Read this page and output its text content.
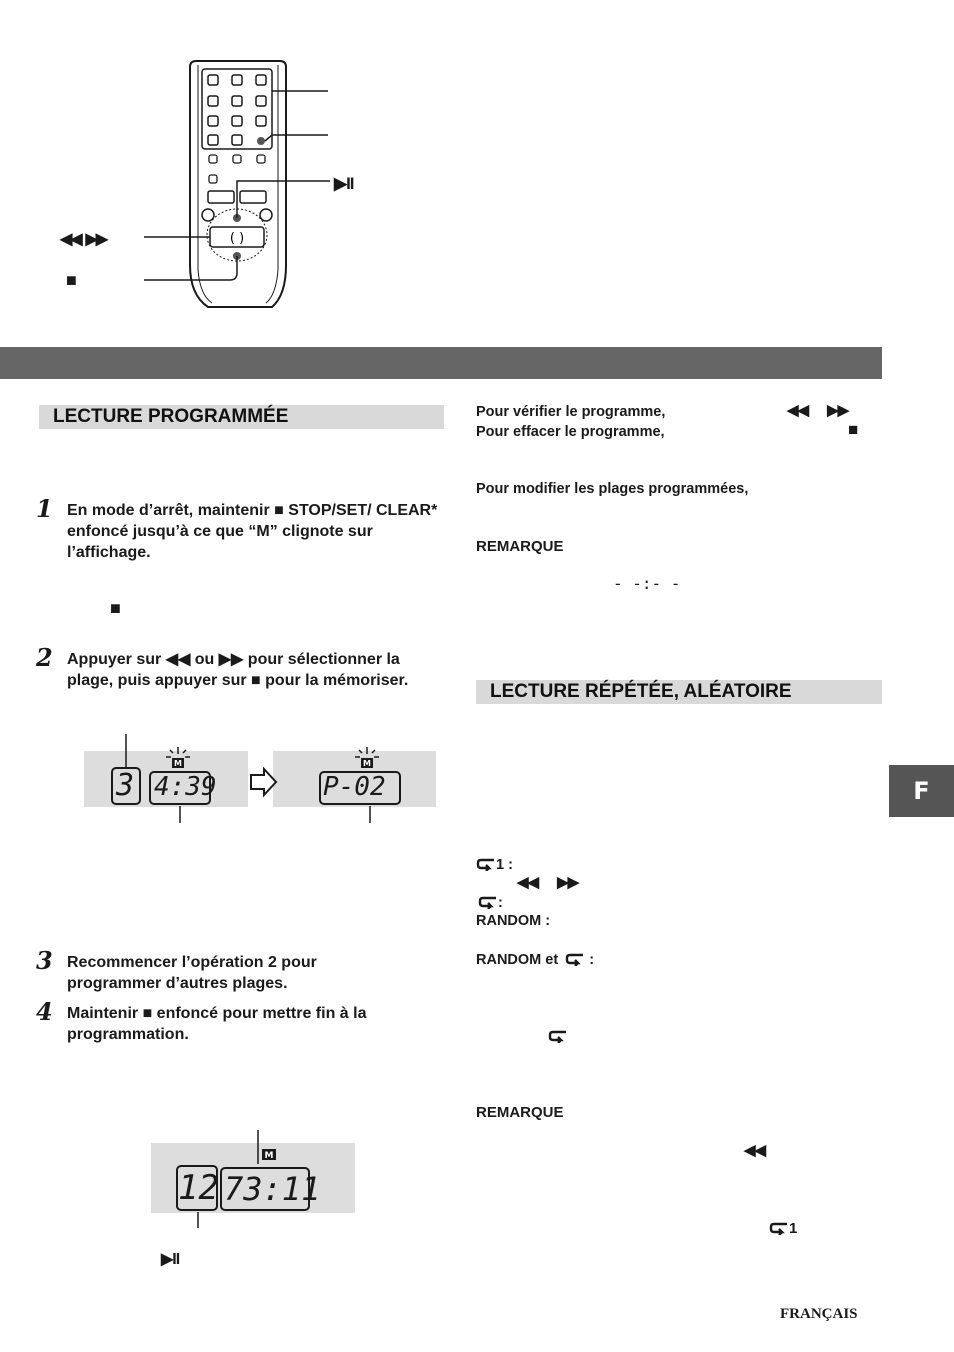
( )
▶II
◀◀  ▶▶
■
LECTURE PROGRAMMÉE
1 En mode d’arrêt, maintenir ■ STOP/SET/ CLEAR* enfoncé jusqu’à ce que “M” clignote sur l’affichage.
■
2 Appuyer sur ◀◀ ou ▶▶ pour sélectionner la plage, puis appuyer sur ■ pour la mémoriser.
M	M
3 4:39	P-02
3 Recommencer l’opération 2 pour programmer d’autres plages.
4 Maintenir ■ enfoncé pour mettre fin à la programmation.
M
12 73:11
▶II
Pour vérifier le programme,
Pour effacer le programme,
◀◀      ▶▶
■
Pour modifier les plages programmées,
REMARQUE
- -:- -
LECTURE RÉPÉTÉE, ALÉATOIRE
1 :
◀◀      ▶▶
:
RANDOM :
RANDOM et :
REMARQUE
◀◀
1
F
FRANÇAIS
